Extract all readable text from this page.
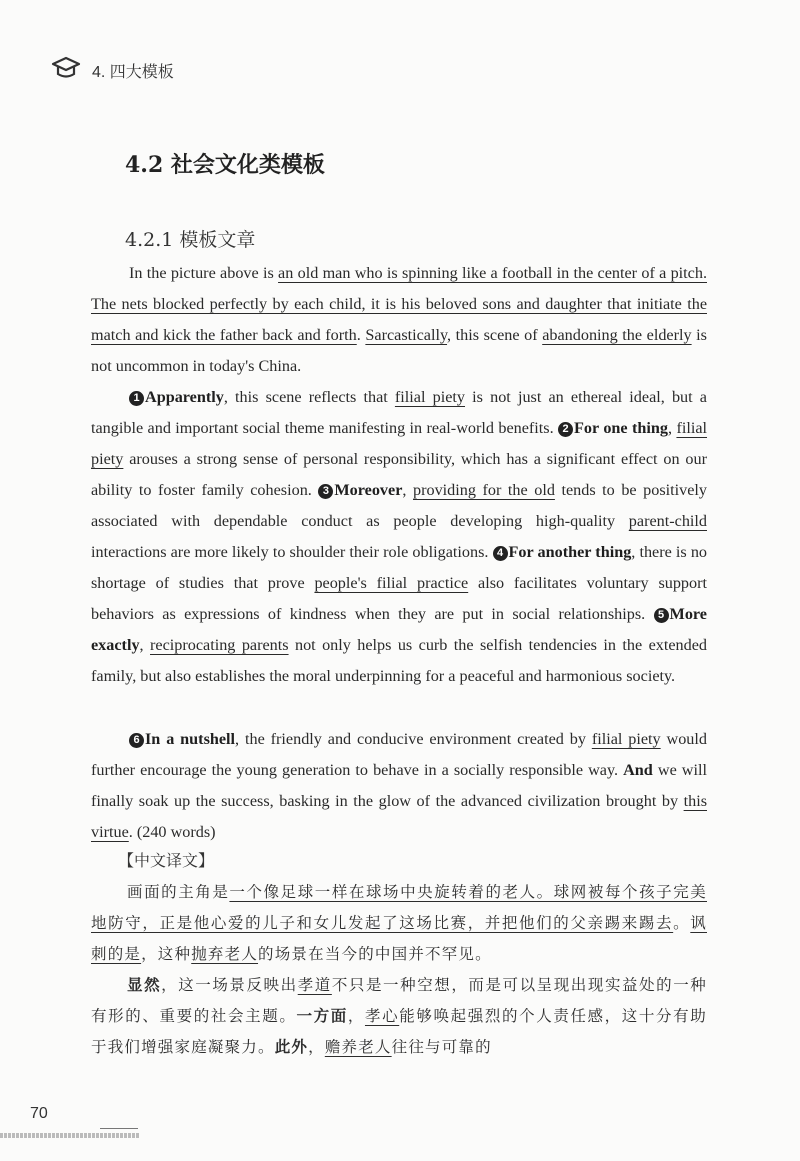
4. 四大模板
4.2 社会文化类模板
4.2.1 模板文章

In the picture above is an old man who is spinning like a football in the center of a pitch. The nets blocked perfectly by each child, it is his beloved sons and daughter that initiate the match and kick the father back and forth. Sarcastically, this scene of abandoning the elderly is not uncommon in today's China.

1 Apparently, this scene reflects that filial piety is not just an ethereal ideal, but a tangible and important social theme manifesting in real-world benefits. 2 For one thing, filial piety arouses a strong sense of personal responsibility, which has a significant effect on our ability to foster family cohesion. 3 Moreover, providing for the old tends to be positively associated with dependable conduct as people developing high-quality parent-child interactions are more likely to shoulder their role obligations. 4 For another thing, there is no shortage of studies that prove people's filial practice also facilitates voluntary support behaviors as expressions of kindness when they are put in social relationships. 5 More exactly, reciprocating parents not only helps us curb the selfish tendencies in the extended family, but also establishes the moral underpinning for a peaceful and harmonious society.

6 In a nutshell, the friendly and conducive environment created by filial piety would further encourage the young generation to behave in a socially responsible way. And we will finally soak up the success, basking in the glow of the advanced civilization brought by this virtue. (240 words)

【中文译文】

画面的主角是一个像足球一样在球场中央旋转着的老人。球网被每个孩子完美地防守，正是他心爱的儿子和女儿发起了这场比赛，并把他们的父亲踢来踢去。讽刺的是，这种抛弃老人的场景在当今的中国并不罕见。

显然，这一场景反映出孝道不只是一种空想，而是可以呈现出现实益处的一种有形的、重要的社会主题。一方面，孝心能够唤起强烈的个人责任感，这十分有助于我们增强家庭凝聚力。此外，赡养老人往往与可靠的

70
